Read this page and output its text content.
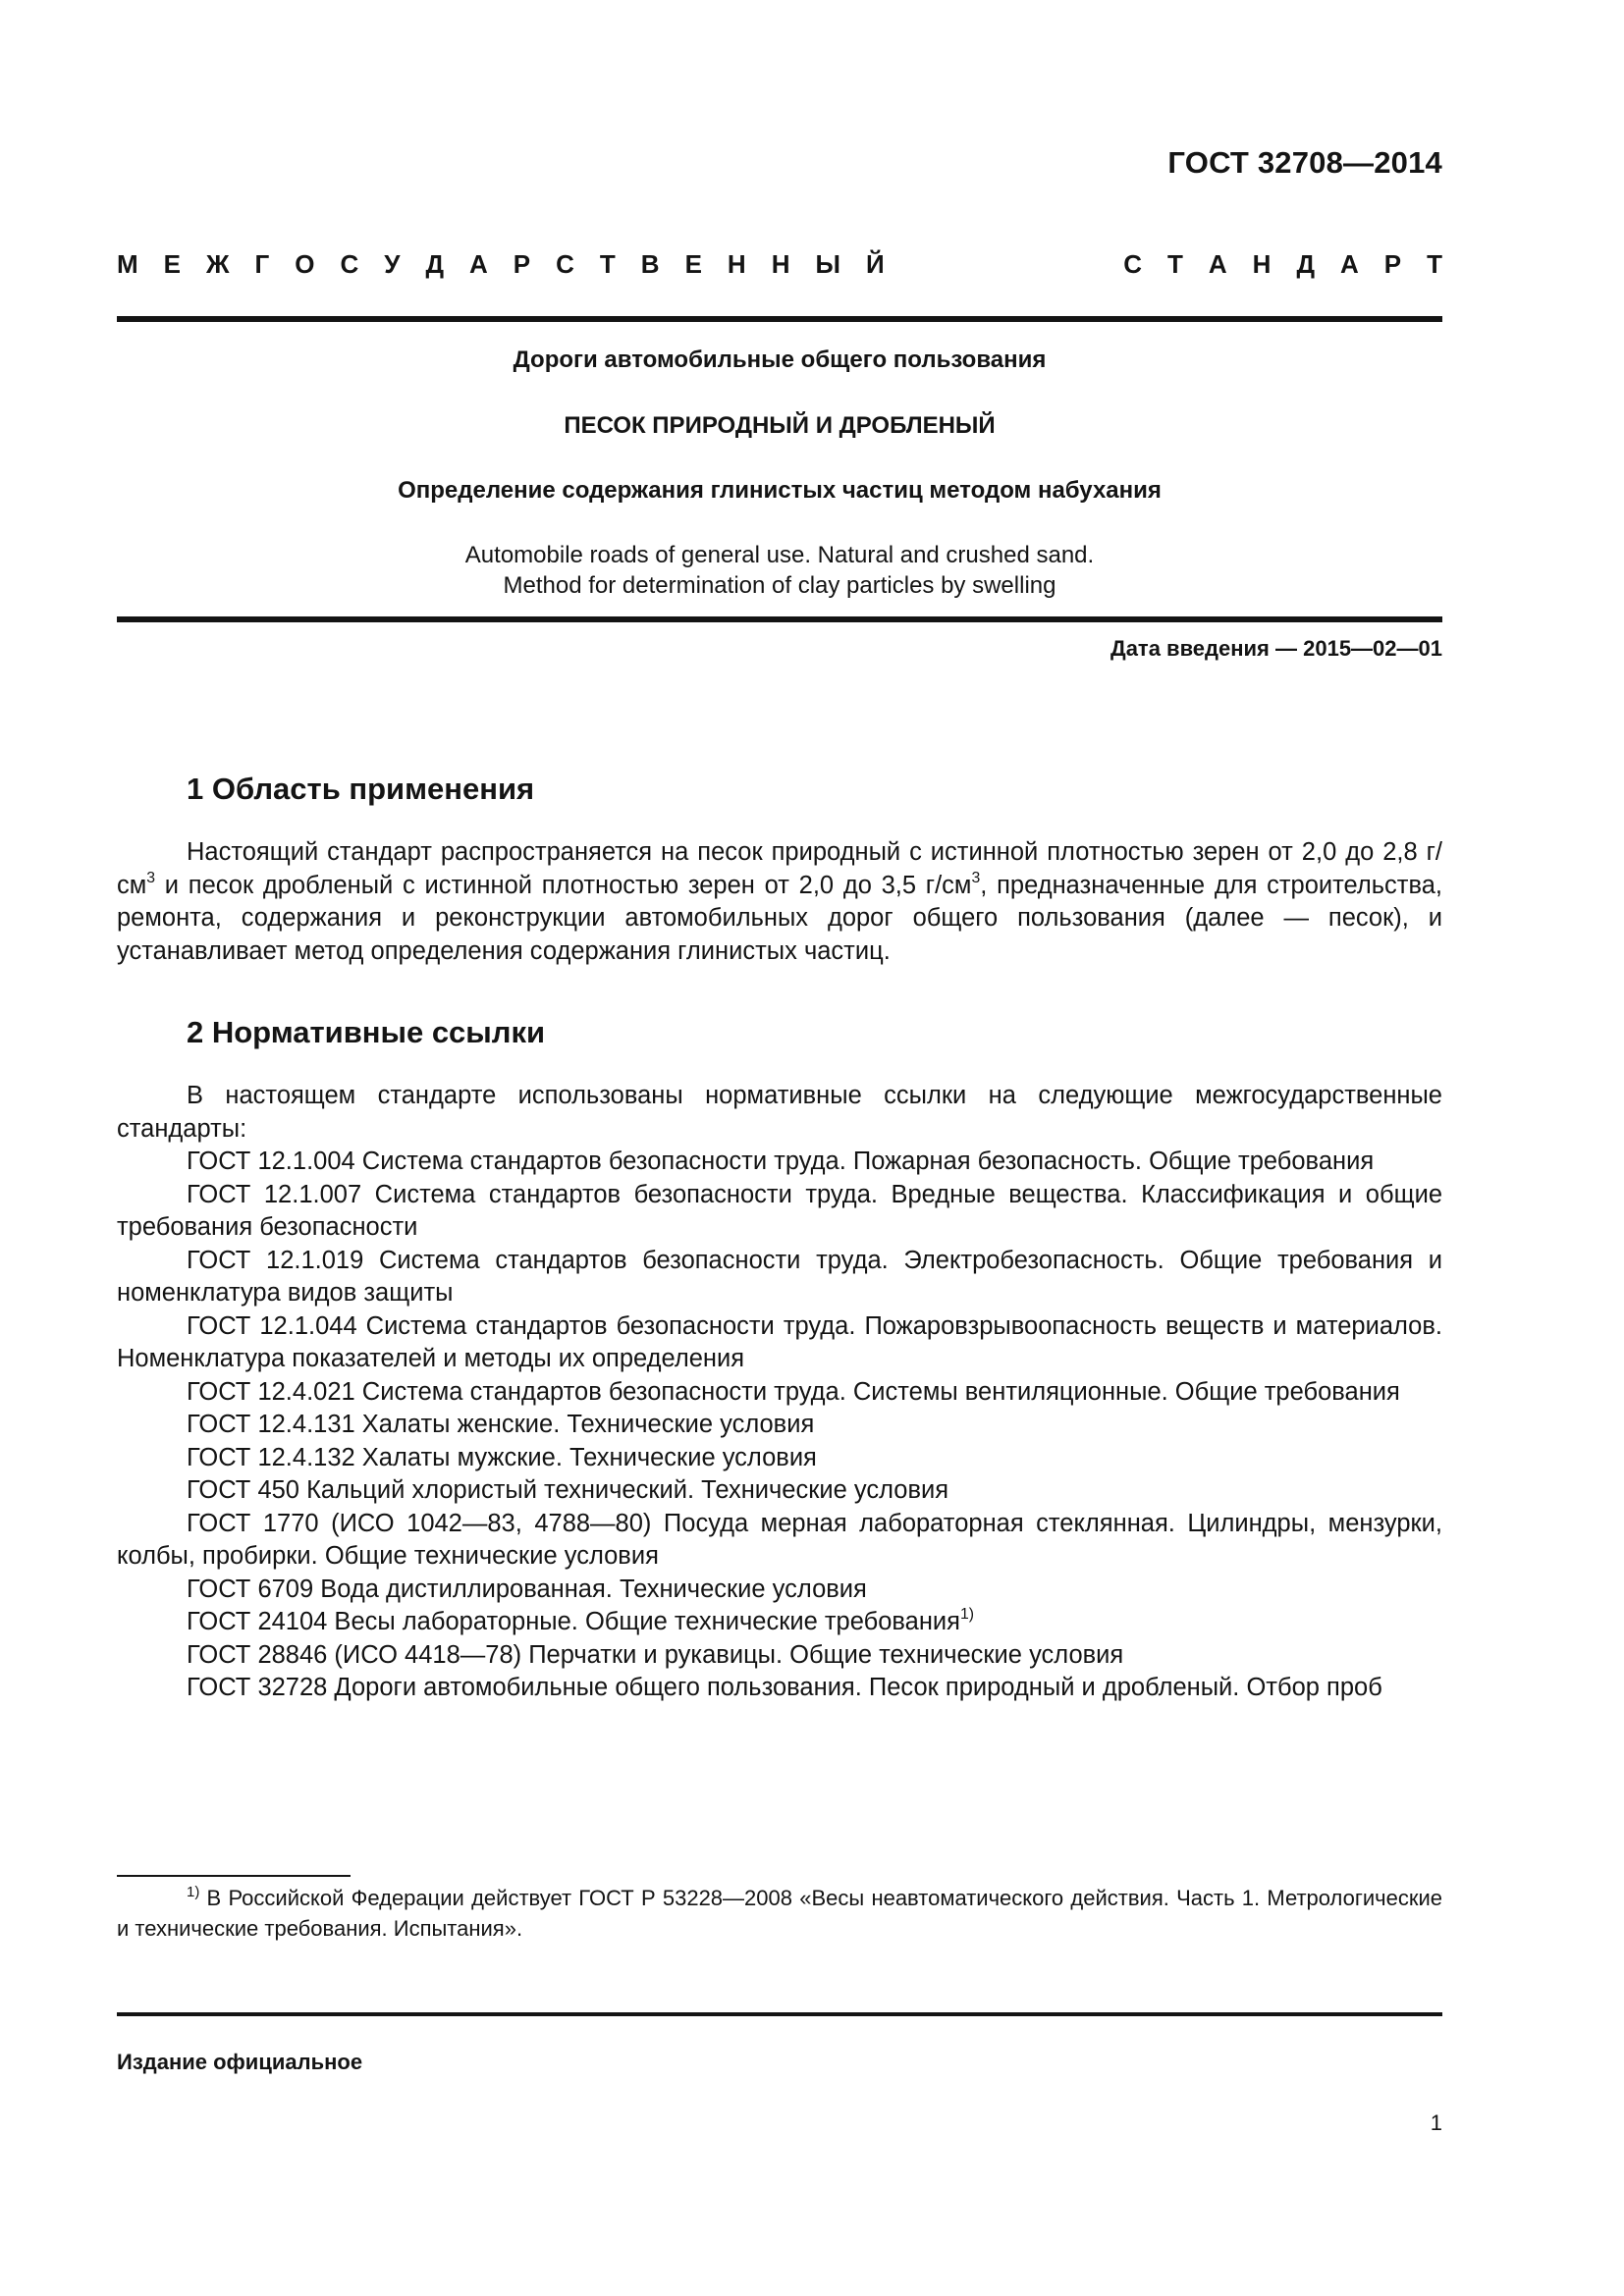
ГОСТ 32708—2014
М Е Ж Г О С У Д А Р С Т В Е Н Н Ы Й	С Т А Н Д А Р Т
Дороги автомобильные общего пользования
ПЕСОК ПРИРОДНЫЙ И ДРОБЛЕНЫЙ
Определение содержания глинистых частиц методом набухания
Automobile roads of general use. Natural and crushed sand.
Method for determination of clay particles by swelling
Дата введения — 2015—02—01
1 Область применения

Настоящий стандарт распространяется на песок природный с истинной плотностью зерен от 2,0 до 2,8 $г/см^3$ и песок дробленый с истинной плотностью зерен от 2,0 до 3,5 $г/см^3$, предназначенные для строительства, ремонта, содержания и реконструкции автомобильных дорог общего пользования (далее — песок), и устанавливает метод определения содержания глинистых частиц.

2 Нормативные ссылки
В настоящем стандарте использованы нормативные ссылки на следующие межгосударственные стандарты:
ГОСТ 12.1.004 Система стандартов безопасности труда. Пожарная безопасность. Общие требования
ГОСТ 12.1.007 Система стандартов безопасности труда. Вредные вещества. Классификация и общие требования безопасности
ГОСТ 12.1.019 Система стандартов безопасности труда. Электробезопасность. Общие требования и номенклатура видов защиты
ГОСТ 12.1.044 Система стандартов безопасности труда. Пожаровзрывоопасность веществ и материалов. Номенклатура показателей и методы их определения
ГОСТ 12.4.021 Система стандартов безопасности труда. Системы вентиляционные. Общие требования
ГОСТ 12.4.131 Халаты женские. Технические условия
ГОСТ 12.4.132 Халаты мужские. Технические условия
ГОСТ 450 Кальций хлористый технический. Технические условия
ГОСТ 1770 (ИСО 1042—83, 4788—80) Посуда мерная лабораторная стеклянная. Цилиндры, мензурки, колбы, пробирки. Общие технические условия
ГОСТ 6709 Вода дистиллированная. Технические условия
ГОСТ 24104 Весы лабораторные. Общие технические требования$^{1)}$
ГОСТ 28846 (ИСО 4418—78) Перчатки и рукавицы. Общие технические условия
ГОСТ 32728 Дороги автомобильные общего пользования. Песок природный и дробленый. Отбор проб
$^{1)}$ В Российской Федерации действует ГОСТ Р 53228—2008 «Весы неавтоматического действия. Часть 1. Метрологические и технические требования. Испытания».
Издание официальное
1
